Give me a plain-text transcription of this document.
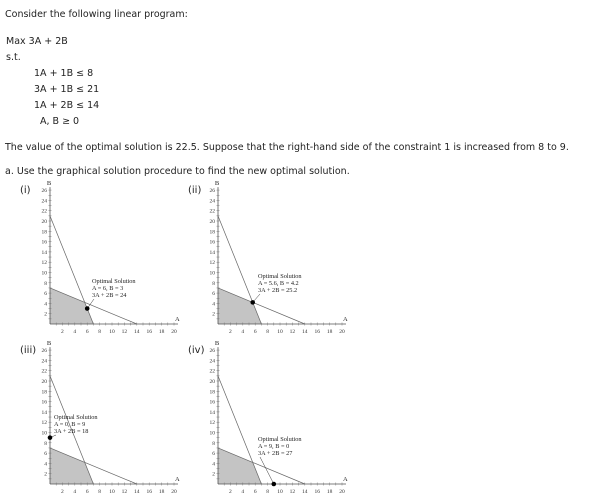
Consider the following linear program:
Max 3A + 2B
s.t.
1A + 1B ≤ 8
3A + 1B ≤ 21
1A + 2B ≤ 14
A, B ≥ 0
The value of the optimal solution is 22.5. Suppose that the right-hand side of the constraint 1 is increased from 8 to 9.
a. Use the graphical solution procedure to find the new optimal solution.
(i)	(ii)
(iii)	(iv)
2 4 6 8 10 12 14 16 18 20
2
4
6
8
10
12
14
16
18
20
22
24
26
A
B
Optimal Solution
A = 6, B = 3
3A + 2B = 24
2 4 6 8 10 12 14 16 18 20
2
4
6
8
10
12
14
16
18
20
22
24
26
A
B
Optimal Solution
A = 5.6, B = 4.2
3A + 2B = 25.2
2 4 6 8 10 12 14 16 18 20
2
4
6
8
10
12
14
16
18
20
22
24
26
A
B
Optimal Solution
A = 0, B = 9
3A + 2B = 18
2 4 6 8 10 12 14 16 18 20
2
4
6
8
10
12
14
16
18
20
22
24
26
A
B
Optimal Solution
A = 9, B = 0
3A + 2B = 27
